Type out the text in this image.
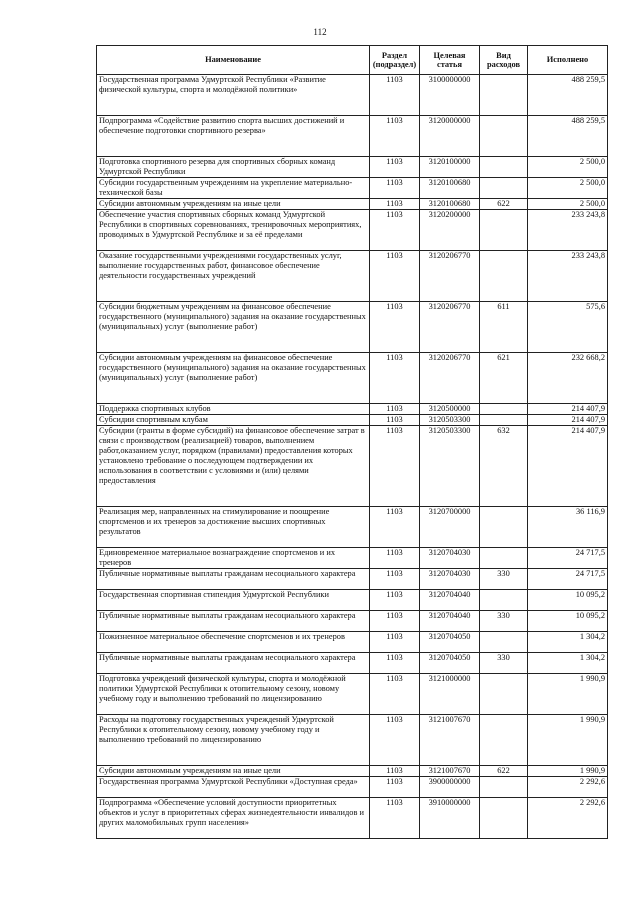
112
Наименование	Раздел (подраздел)	Целевая статья	Вид расходов	Исполнено
Государственная программа Удмуртской Республики «Развитие физической культуры, спорта и молодёжной политики»	1103	3100000000		488 259,5
Подпрограмма «Содействие развитию спорта высших достижений и обеспечение подготовки спортивного резерва»	1103	3120000000		488 259,5
Подготовка спортивного резерва для спортивных сборных команд Удмуртской Республики	1103	3120100000		2 500,0
Субсидии государственным учреждениям на укрепление материально-технической базы	1103	3120100680		2 500,0
Субсидии автономным учреждениям на иные цели	1103	3120100680	622	2 500,0
Обеспечение участия спортивных сборных команд Удмуртской Республики в спортивных соревнованиях, тренировочных мероприятиях, проводимых в Удмуртской Республике и за её пределами	1103	3120200000		233 243,8
Оказание государственными учреждениями государственных услуг, выполнение государственных работ, финансовое обеспечение деятельности государственных учреждений	1103	3120206770		233 243,8
Субсидии бюджетным учреждениям на финансовое обеспечение государственного (муниципального) задания на оказание государственных (муниципальных) услуг (выполнение работ)	1103	3120206770	611	575,6
Субсидии автономным учреждениям на финансовое обеспечение государственного (муниципального) задания на оказание государственных (муниципальных) услуг (выполнение работ)	1103	3120206770	621	232 668,2
Поддержка спортивных клубов	1103	3120500000		214 407,9
Субсидии спортивным клубам	1103	3120503300		214 407,9
Субсидии (гранты в форме субсидий) на финансовое обеспечение затрат в связи с производством (реализацией) товаров, выполнением работ,оказанием услуг, порядком (правилами) предоставления которых установлено требование о последующем подтверждении их использования в соответствии с условиями и (или) целями предоставления	1103	3120503300	632	214 407,9
Реализация мер, направленных на стимулирование и поощрение спортсменов и их тренеров за достижение высших спортивных результатов	1103	3120700000		36 116,9
Единовременное материальное вознаграждение спортсменов и их тренеров	1103	3120704030		24 717,5
Публичные нормативные выплаты гражданам несоциального характера	1103	3120704030	330	24 717,5
Государственная спортивная стипендия Удмуртской Республики	1103	3120704040		10 095,2
Публичные нормативные выплаты гражданам несоциального характера	1103	3120704040	330	10 095,2
Пожизненное материальное обеспечение спортсменов и их тренеров	1103	3120704050		1 304,2
Публичные нормативные выплаты гражданам несоциального характера	1103	3120704050	330	1 304,2
Подготовка учреждений физической культуры, спорта и молодёжной политики Удмуртской Республики к отопительному сезону, новому учебному году и выполнению требований по лицензированию	1103	3121000000		1 990,9
Расходы на подготовку государственных учреждений Удмуртской Республики к отопительному сезону, новому учебному году и выполнению требований по лицензированию	1103	3121007670		1 990,9
Субсидии автономным учреждениям на иные цели	1103	3121007670	622	1 990,9
Государственная программа Удмуртской Республики «Доступная среда»	1103	3900000000		2 292,6
Подпрограмма «Обеспечение условий доступности приоритетных объектов и услуг в приоритетных сферах жизнедеятельности инвалидов и других маломобильных групп населения»	1103	3910000000		2 292,6
